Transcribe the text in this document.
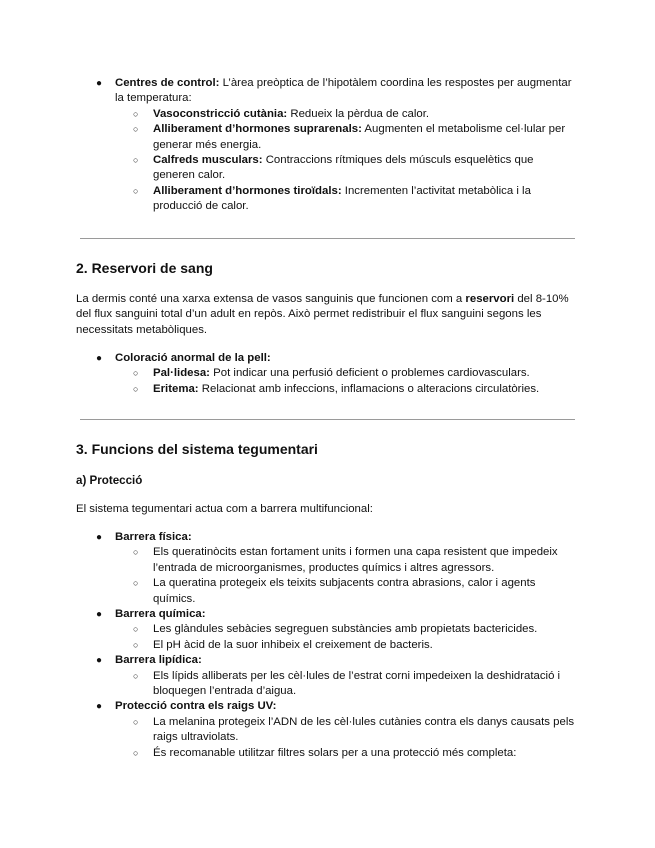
● Centres de control: L’àrea preòptica de l’hipotàlem coordina les respostes per augmentar la temperatura:
○ Vasoconstricció cutània: Redueix la pèrdua de calor.
○ Alliberament d’hormones suprarenals: Augmenten el metabolisme cel·lular per generar més energia.
○ Calfreds musculars: Contraccions rítmiques dels músculs esquelètics que generen calor.
○ Alliberament d’hormones tiroïdals: Incrementen l’activitat metabòlica i la producció de calor.
2. Reservori de sang

La dermis conté una xarxa extensa de vasos sanguinis que funcionen com a reservori del 8-10% del flux sanguini total d’un adult en repòs. Això permet redistribuir el flux sanguini segons les necessitats metabòliques.

● Coloració anormal de la pell:
○ Pal·lidesa: Pot indicar una perfusió deficient o problemes cardiovasculars.
○ Eritema: Relacionat amb infeccions, inflamacions o alteracions circulatòries.
3. Funcions del sistema tegumentari
a) Protecció

El sistema tegumentari actua com a barrera multifuncional:

● Barrera física:
○ Els queratinòcits estan fortament units i formen una capa resistent que impedeix l’entrada de microorganismes, productes químics i altres agressors.
○ La queratina protegeix els teixits subjacents contra abrasions, calor i agents químics.
● Barrera química:
○ Les glàndules sebàcies segreguen substàncies amb propietats bactericides.
○ El pH àcid de la suor inhibeix el creixement de bacteris.
● Barrera lipídica:
○ Els lípids alliberats per les cèl·lules de l’estrat corni impedeixen la deshidratació i bloquegen l’entrada d’aigua.
● Protecció contra els raigs UV:
○ La melanina protegeix l’ADN de les cèl·lules cutànies contra els danys causats pels raigs ultraviolats.
○ És recomanable utilitzar filtres solars per a una protecció més completa:
